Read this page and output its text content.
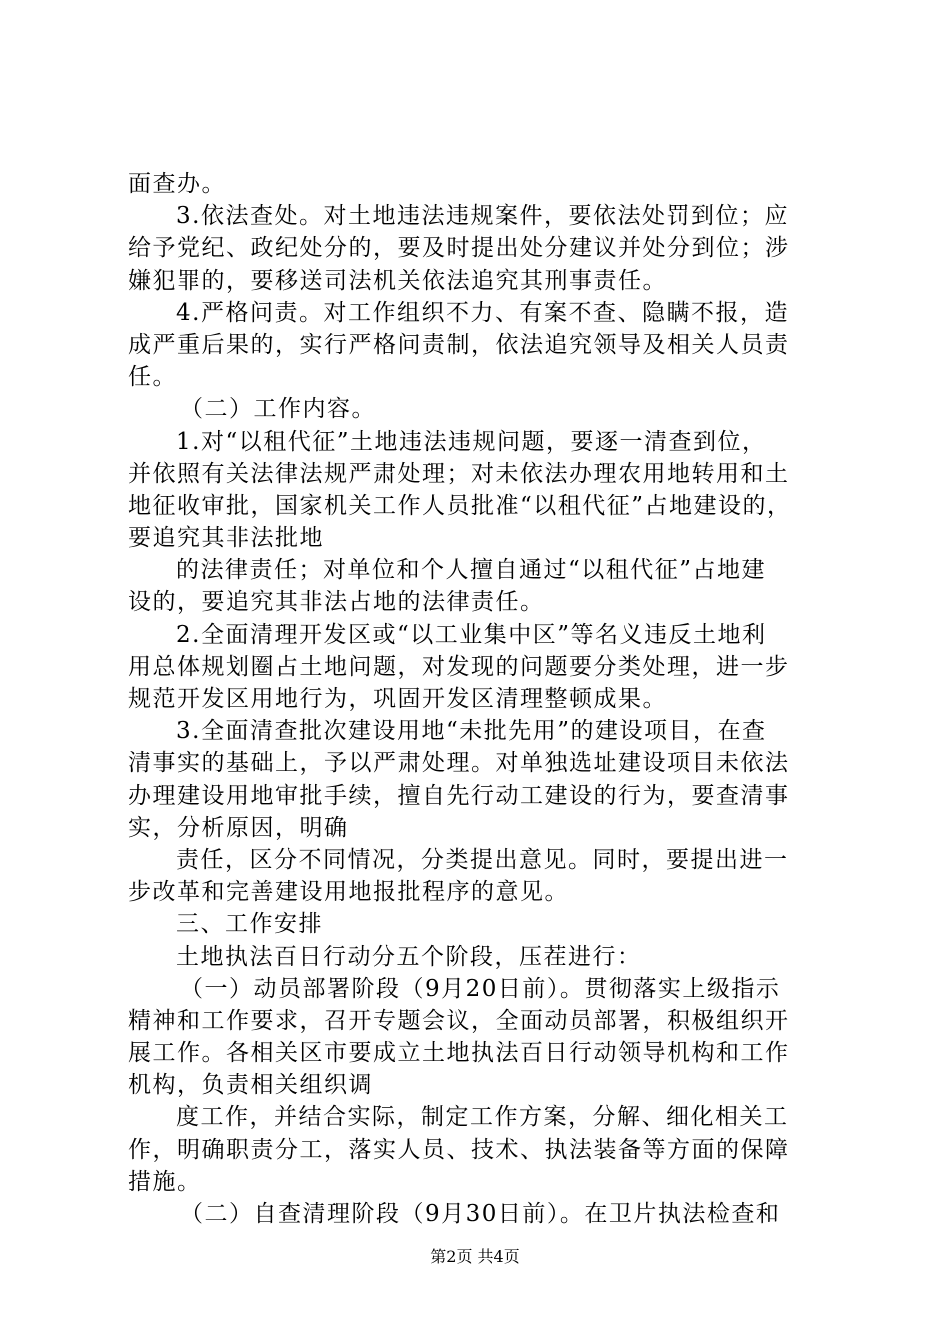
面查办。
3.依法查处。对土地违法违规案件，要依法处罚到位；应
给予党纪、政纪处分的，要及时提出处分建议并处分到位；涉
嫌犯罪的，要移送司法机关依法追究其刑事责任。
4.严格问责。对工作组织不力、有案不查、隐瞒不报，造
成严重后果的，实行严格问责制，依法追究领导及相关人员责
任。
（二）工作内容。
1.对“以租代征”土地违法违规问题，要逐一清查到位，
并依照有关法律法规严肃处理；对未依法办理农用地转用和土
地征收审批，国家机关工作人员批准“以租代征”占地建设的，
要追究其非法批地
的法律责任；对单位和个人擅自通过“以租代征”占地建
设的，要追究其非法占地的法律责任。
2.全面清理开发区或“以工业集中区”等名义违反土地利
用总体规划圈占土地问题，对发现的问题要分类处理，进一步
规范开发区用地行为，巩固开发区清理整顿成果。
3.全面清查批次建设用地“未批先用”的建设项目，在查
清事实的基础上，予以严肃处理。对单独选址建设项目未依法
办理建设用地审批手续，擅自先行动工建设的行为，要查清事
实，分析原因，明确
责任，区分不同情况，分类提出意见。同时，要提出进一
步改革和完善建设用地报批程序的意见。
三、工作安排
土地执法百日行动分五个阶段，压茬进行：
（一）动员部署阶段（9月20日前）。贯彻落实上级指示
精神和工作要求，召开专题会议，全面动员部署，积极组织开
展工作。各相关区市要成立土地执法百日行动领导机构和工作
机构，负责相关组织调
度工作，并结合实际，制定工作方案，分解、细化相关工
作，明确职责分工，落实人员、技术、执法装备等方面的保障
措施。
（二）自查清理阶段（9月30日前）。在卫片执法检查和
第2页 共4页
